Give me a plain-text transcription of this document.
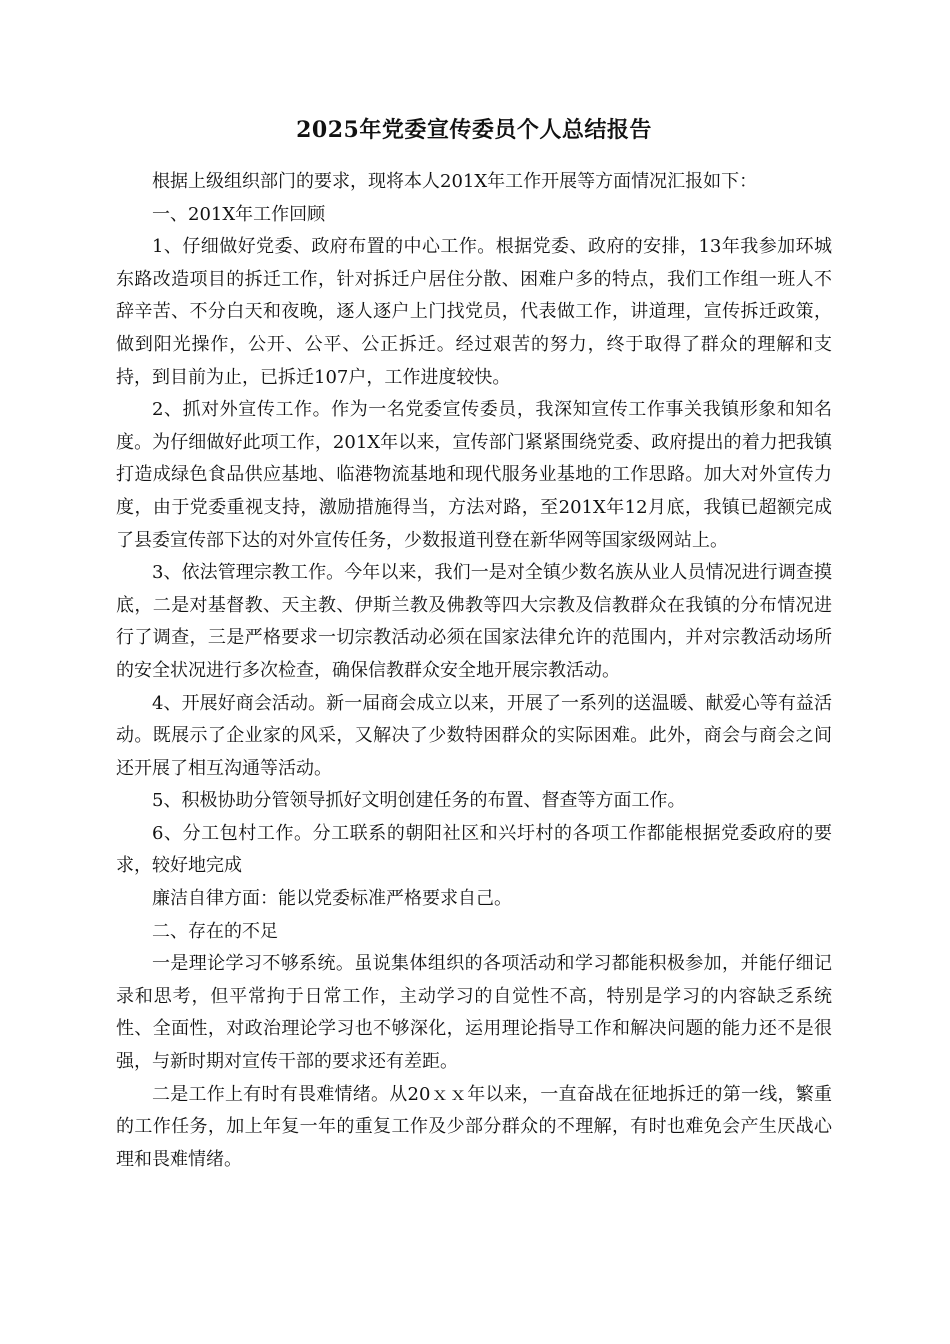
2025年党委宣传委员个人总结报告

根据上级组织部门的要求，现将本人201X年工作开展等方面情况汇报如下：

一、201X年工作回顾

1、仔细做好党委、政府布置的中心工作。根据党委、政府的安排，13年我参加环城东路改造项目的拆迁工作，针对拆迁户居住分散、困难户多的特点，我们工作组一班人不辞辛苦、不分白天和夜晚，逐人逐户上门找党员，代表做工作，讲道理，宣传拆迁政策，做到阳光操作，公开、公平、公正拆迁。经过艰苦的努力，终于取得了群众的理解和支持，到目前为止，已拆迁107户，工作进度较快。

2、抓对外宣传工作。作为一名党委宣传委员，我深知宣传工作事关我镇形象和知名度。为仔细做好此项工作，201X年以来，宣传部门紧紧围绕党委、政府提出的着力把我镇打造成绿色食品供应基地、临港物流基地和现代服务业基地的工作思路。加大对外宣传力度，由于党委重视支持，激励措施得当，方法对路，至201X年12月底，我镇已超额完成了县委宣传部下达的对外宣传任务，少数报道刊登在新华网等国家级网站上。

3、依法管理宗教工作。今年以来，我们一是对全镇少数名族从业人员情况进行调查摸底，二是对基督教、天主教、伊斯兰教及佛教等四大宗教及信教群众在我镇的分布情况进行了调查，三是严格要求一切宗教活动必须在国家法律允许的范围内，并对宗教活动场所的安全状况进行多次检查，确保信教群众安全地开展宗教活动。

4、开展好商会活动。新一届商会成立以来，开展了一系列的送温暖、献爱心等有益活动。既展示了企业家的风采，又解决了少数特困群众的实际困难。此外，商会与商会之间还开展了相互沟通等活动。

5、积极协助分管领导抓好文明创建任务的布置、督查等方面工作。

6、分工包村工作。分工联系的朝阳社区和兴圩村的各项工作都能根据党委政府的要求，较好地完成

廉洁自律方面：能以党委标准严格要求自己。

二、存在的不足

一是理论学习不够系统。虽说集体组织的各项活动和学习都能积极参加，并能仔细记录和思考，但平常拘于日常工作，主动学习的自觉性不高，特别是学习的内容缺乏系统性、全面性，对政治理论学习也不够深化，运用理论指导工作和解决问题的能力还不是很强，与新时期对宣传干部的要求还有差距。

二是工作上有时有畏难情绪。从20ｘｘ年以来，一直奋战在征地拆迁的第一线，繁重的工作任务，加上年复一年的重复工作及少部分群众的不理解，有时也难免会产生厌战心理和畏难情绪。
